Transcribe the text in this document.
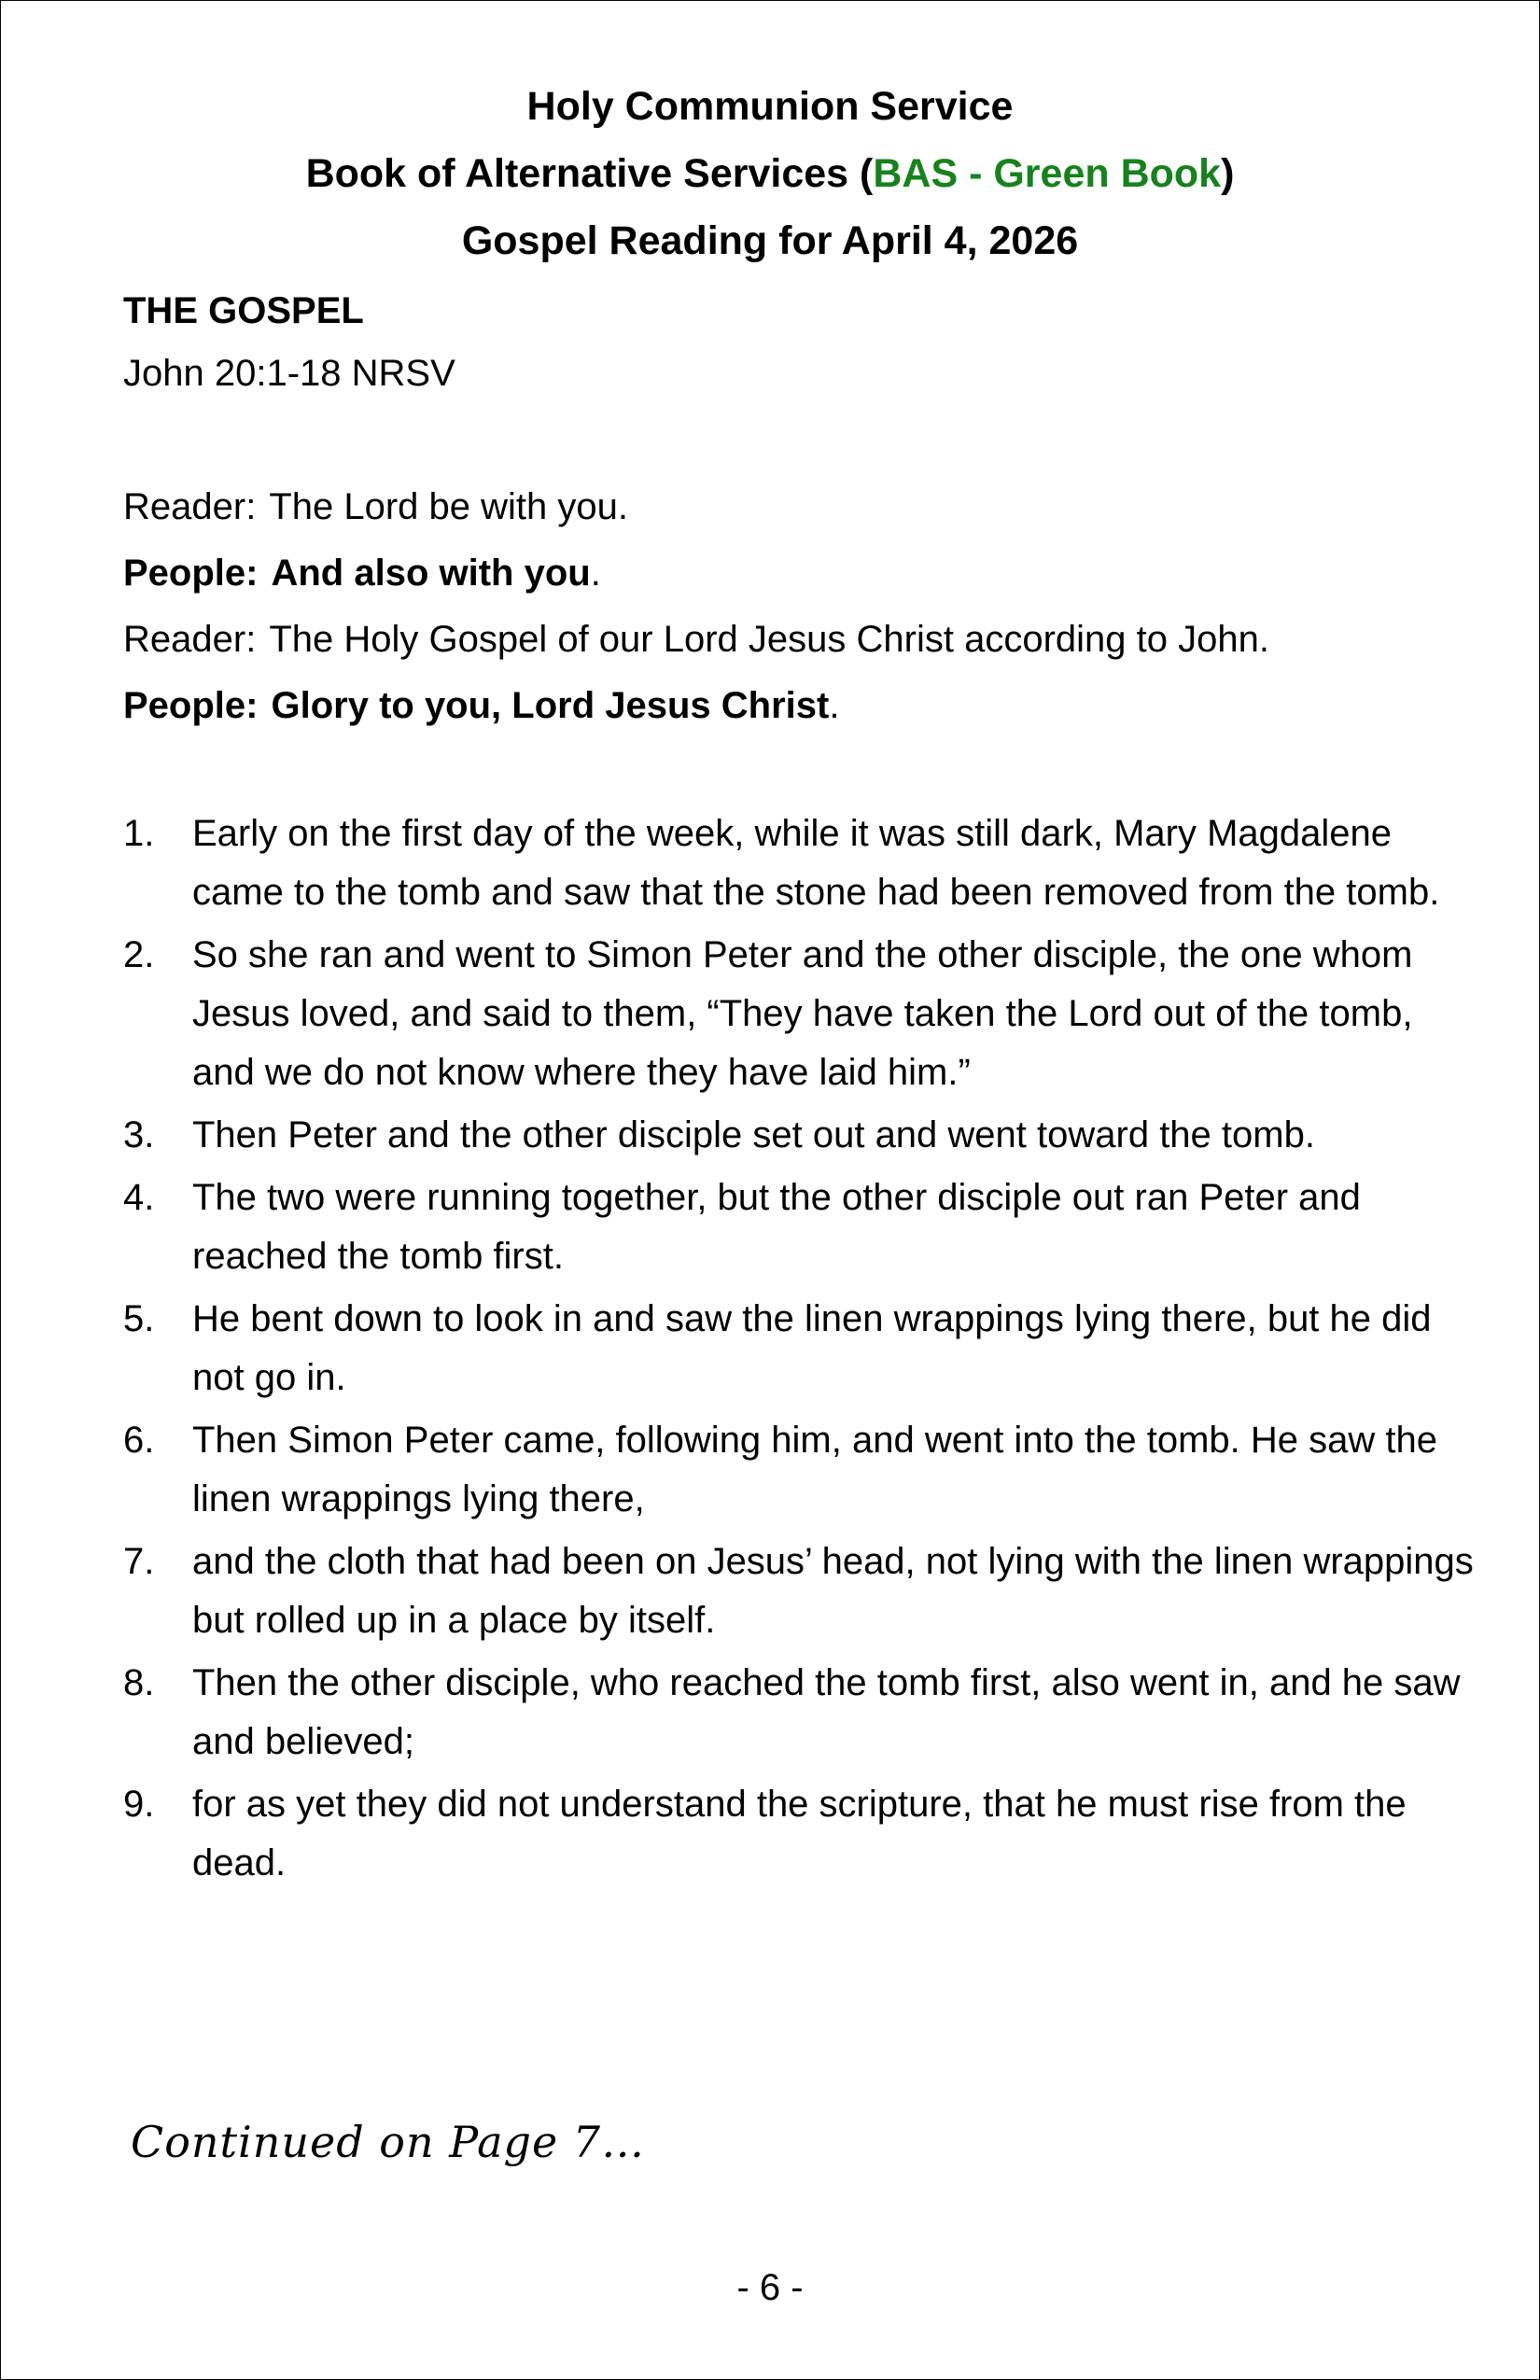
Holy Communion Service
Book of Alternative Services (BAS - Green Book)
Gospel Reading for April 4, 2026
THE GOSPEL
John 20:1-18 NRSV
Reader: The Lord be with you.
People: And also with you.
Reader: The Holy Gospel of our Lord Jesus Christ according to John.
People: Glory to you, Lord Jesus Christ.
1. Early on the first day of the week, while it was still dark, Mary Magdalene came to the tomb and saw that the stone had been removed from the tomb.
2. So she ran and went to Simon Peter and the other disciple, the one whom Jesus loved, and said to them, “They have taken the Lord out of the tomb, and we do not know where they have laid him.”
3. Then Peter and the other disciple set out and went toward the tomb.
4. The two were running together, but the other disciple out ran Peter and reached the tomb first.
5. He bent down to look in and saw the linen wrappings lying there, but he did not go in.
6. Then Simon Peter came, following him, and went into the tomb. He saw the linen wrappings lying there,
7. and the cloth that had been on Jesus’ head, not lying with the linen wrappings but rolled up in a place by itself.
8. Then the other disciple, who reached the tomb first, also went in, and he saw and believed;
9. for as yet they did not understand the scripture, that he must rise from the dead.
Continued on Page 7…
- 6 -
